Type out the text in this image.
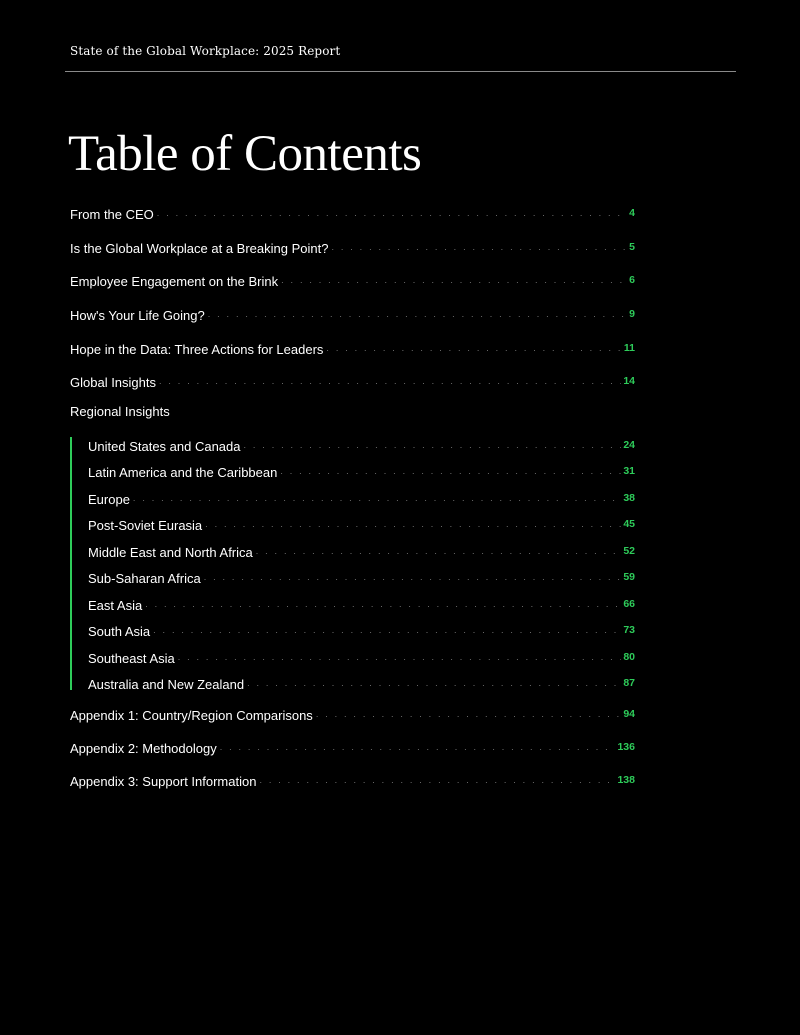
State of the Global Workplace: 2025 Report
Table of Contents
From the CEO . . .	4
Is the Global Workplace at a Breaking Point? . . .	5
Employee Engagement on the Brink . . .	6
How's Your Life Going? . . .	9
Hope in the Data: Three Actions for Leaders . . .	11
Global Insights . . .	14
Regional Insights
United States and Canada . . .	24
Latin America and the Caribbean . . .	31
Europe . . .	38
Post-Soviet Eurasia . . .	45
Middle East and North Africa . . .	52
Sub-Saharan Africa . . .	59
East Asia . . .	66
South Asia . . .	73
Southeast Asia . . .	80
Australia and New Zealand . . .	87
Appendix 1: Country/Region Comparisons . . .	94
Appendix 2: Methodology . . .	136
Appendix 3: Support Information . . .	138
